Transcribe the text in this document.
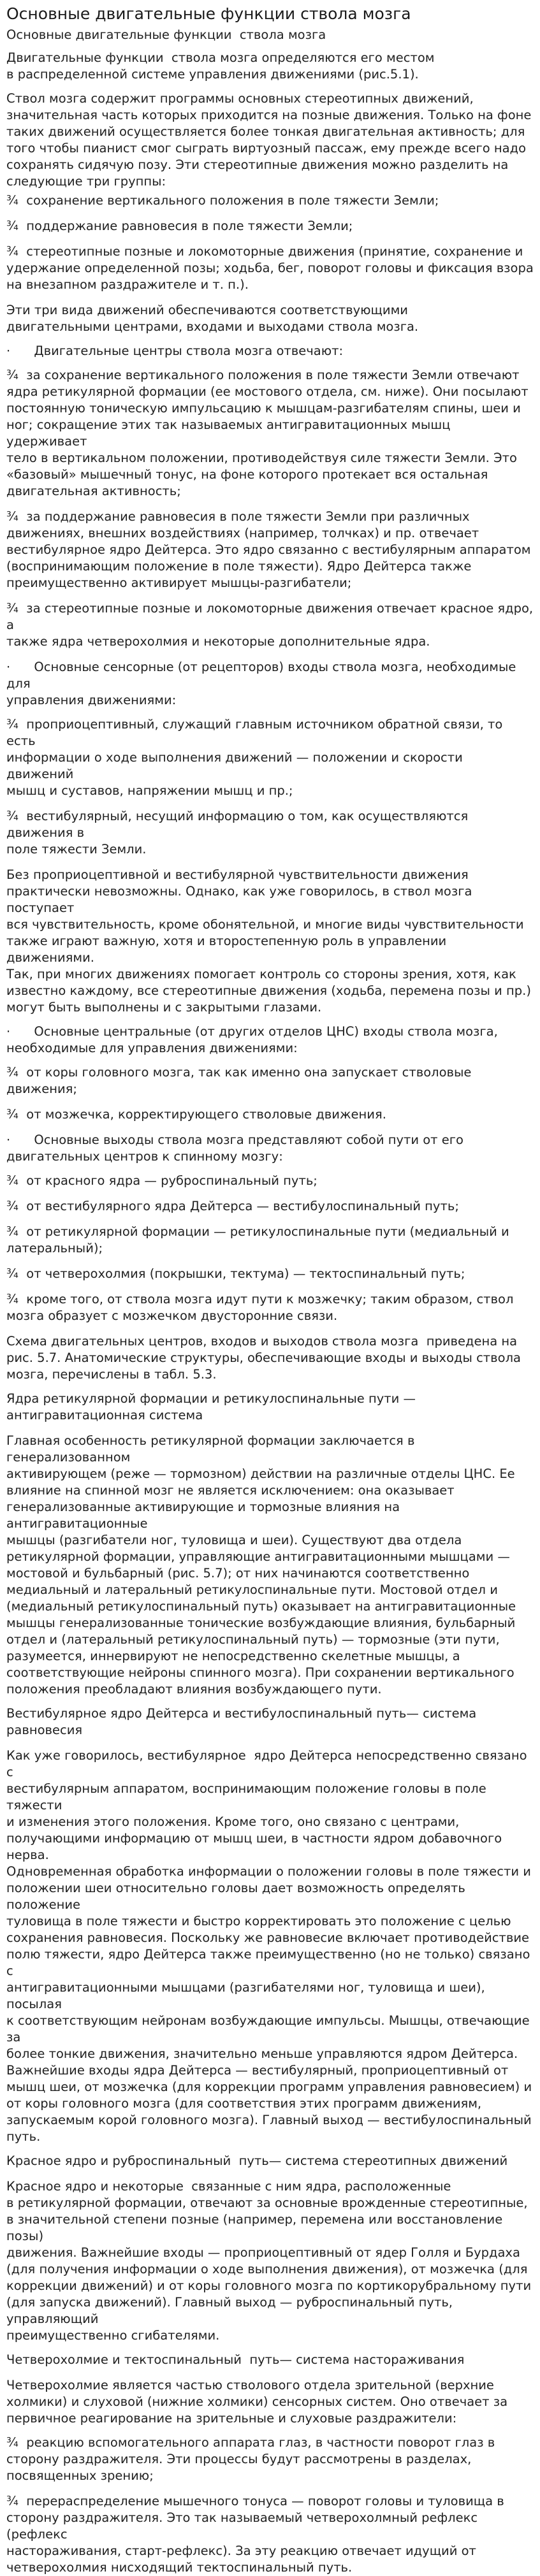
Основные двигательные функции ствола мозга

Основные двигательные функции  ствола мозга

Двигательные функции  ствола мозга определяются его местом
в распределенной системе управления движениями (рис.5.1).

Ствол мозга содержит программы основных стереотипных движений,
значительная часть которых приходится на позные движения. Только на фоне
таких движений осуществляется более тонкая двигательная активность; для
того чтобы пианист смог сыграть виртуозный пассаж, ему прежде всего надо
сохранять сидячую позу. Эти стереотипные движения можно разделить на
следующие три группы:

¾  сохранение вертикального положения в поле тяжести Земли;

¾  поддержание равновесия в поле тяжести Земли;

¾  стереотипные позные и локомоторные движения (принятие, сохранение и
удержание определенной позы; ходьба, бег, поворот головы и фиксация взора
на внезапном раздражителе и т. п.).

Эти три вида движений обеспечиваются соответствующими
двигательными центрами, входами и выходами ствола мозга.

·      Двигательные центры ствола мозга отвечают:

¾  за сохранение вертикального положения в поле тяжести Земли отвечают
ядра ретикулярной формации (ее мостового отдела, см. ниже). Они посылают
постоянную тоническую импульсацию к мышцам-разгибателям спины, шеи и
ног; сокращение этих так называемых антигравитационных мышц удерживает
тело в вертикальном положении, противодействуя силе тяжести Земли. Это
«базовый» мышечный тонус, на фоне которого протекает вся остальная
двигательная активность;

¾  за поддержание равновесия в поле тяжести Земли при различных
движениях, внешних воздействиях (например, толчках) и пр. отвечает
вестибулярное ядро Дейтерса. Это ядро связанно с вестибулярным аппаратом
(воспринимающим положение в поле тяжести). Ядро Дейтерса также
преимущественно активирует мышцы-разгибатели;

¾  за стереотипные позные и локомоторные движения отвечает красное ядро, а
также ядра четверохолмия и некоторые дополнительные ядра.

·      Основные сенсорные (от рецепторов) входы ствола мозга, необходимые для
управления движениями:

¾  проприоцептивный, служащий главным источником обратной связи, то есть
информации о ходе выполнения движений — положении и скорости движений
мышц и суставов, напряжении мышц и пр.;

¾  вестибулярный, несущий информацию о том, как осуществляются движения в
поле тяжести Земли.

Без проприоцептивной и вестибулярной чувствительности движения
практически невозможны. Однако, как уже говорилось, в ствол мозга поступает
вся чувствительность, кроме обонятельной, и многие виды чувствительности
также играют важную, хотя и второстепенную роль в управлении движениями.
Так, при многих движениях помогает контроль со стороны зрения, хотя, как
известно каждому, все стереотипные движения (ходьба, перемена позы и пр.)
могут быть выполнены и с закрытыми глазами.

·      Основные центральные (от других отделов ЦНС) входы ствола мозга,
необходимые для управления движениями:

¾  от коры головного мозга, так как именно она запускает стволовые движения;

¾  от мозжечка, корректирующего стволовые движения.

·      Основные выходы ствола мозга представляют собой пути от его
двигательных центров к спинному мозгу:

¾  от красного ядра — руброспинальный путь;

¾  от вестибулярного ядра Дейтерса — вестибулоспинальный путь;

¾  от ретикулярной формации — ретикулоспинальные пути (медиальный и
латеральный);

¾  от четверохолмия (покрышки, тектума) — тектоспинальный путь;

¾  кроме того, от ствола мозга идут пути к мозжечку; таким образом, ствол
мозга образует с мозжечком двусторонние связи.

Схема двигательных центров, входов и выходов ствола мозга  приведена на
рис. 5.7. Анатомические структуры, обеспечивающие входы и выходы ствола
мозга, перечислены в табл. 5.3.

Ядра ретикулярной формации и ретикулоспинальные пути —
антигравитационная система

Главная особенность ретикулярной формации заключается в генерализованном
активирующем (реже — тормозном) действии на различные отделы ЦНС. Ее
влияние на спинной мозг не является исключением: она оказывает
генерализованные активирующие и тормозные влияния на антигравитационные
мышцы (разгибатели ног, туловища и шеи). Существуют два отдела
ретикулярной формации, управляющие антигравитационными мышцами —
мостовой и бульбарный (рис. 5.7); от них начинаются соответственно
медиальный и латеральный ретикулоспинальные пути. Мостовой отдел и
(медиальный ретикулоспинальный путь) оказывает на антигравитационные
мышцы генерализованные тонические возбуждающие влияния, бульбарный
отдел и (латеральный ретикулоспинальный путь) — тормозные (эти пути,
разумеется, иннервируют не непосредственно скелетные мышцы, а
соответствующие нейроны спинного мозга). При сохранении вертикального
положения преобладают влияния возбуждающего пути.

Вестибулярное ядро Дейтерса и вестибулоспинальный путь— система
равновесия

Как уже говорилось, вестибулярное  ядро Дейтерса непосредственно связано с
вестибулярным аппаратом, воспринимающим положение головы в поле тяжести
и изменения этого положения. Кроме того, оно связано с центрами,
получающими информацию от мышц шеи, в частности ядром добавочного нерва.
Одновременная обработка информации о положении головы в поле тяжести и
положении шеи относительно головы дает возможность определять положение
туловища в поле тяжести и быстро корректировать это положение с целью
сохранения равновесия. Поскольку же равновесие включает противодействие
полю тяжести, ядро Дейтерса также преимущественно (но не только) связано с
антигравитационными мышцами (разгибателями ног, туловища и шеи), посылая
к соответствующим нейронам возбуждающие импульсы. Мышцы, отвечающие за
более тонкие движения, значительно меньше управляются ядром Дейтерса.
Важнейшие входы ядра Дейтерса — вестибулярный, проприоцептивный от
мышц шеи, от мозжечка (для коррекции программ управления равновесием) и
от коры головного мозга (для соответствия этих программ движениям,
запускаемым корой головного мозга). Главный выход — вестибулоспинальный
путь.

Красное ядро и руброспинальный  путь— система стереотипных движений

Красное ядро и некоторые  связанные с ним ядра, расположенные
в ретикулярной формации, отвечают за основные врожденные стереотипные,
в значительной степени позные (например, перемена или восстановление позы)
движения. Важнейшие входы — проприоцептивный от ядер Голля и Бурдаха
(для получения информации о ходе выполнения движения), от мозжечка (для
коррекции движений) и от коры головного мозга по кортикорубральному пути
(для запуска движений). Главный выход — руброспинальный путь, управляющий
преимущественно сгибателями.

Четверохолмие и тектоспинальный  путь— система настораживания

Четверохолмие является частью стволового отдела зрительной (верхние
холмики) и слуховой (нижние холмики) сенсорных систем. Оно отвечает за
первичное реагирование на зрительные и слуховые раздражители:

¾  реакцию вспомогательного аппарата глаз, в частности поворот глаз в
сторону раздражителя. Эти процессы будут рассмотрены в разделах,
посвященных зрению;

¾  перераспределение мышечного тонуса — поворот головы и туловища в
сторону раздражителя. Это так называемый четверохолмный рефлекс (рефлекс
настораживания, старт-рефлекс). За эту реакцию отвечает идущий от
четверохолмия нисходящий тектоспинальный путь.
